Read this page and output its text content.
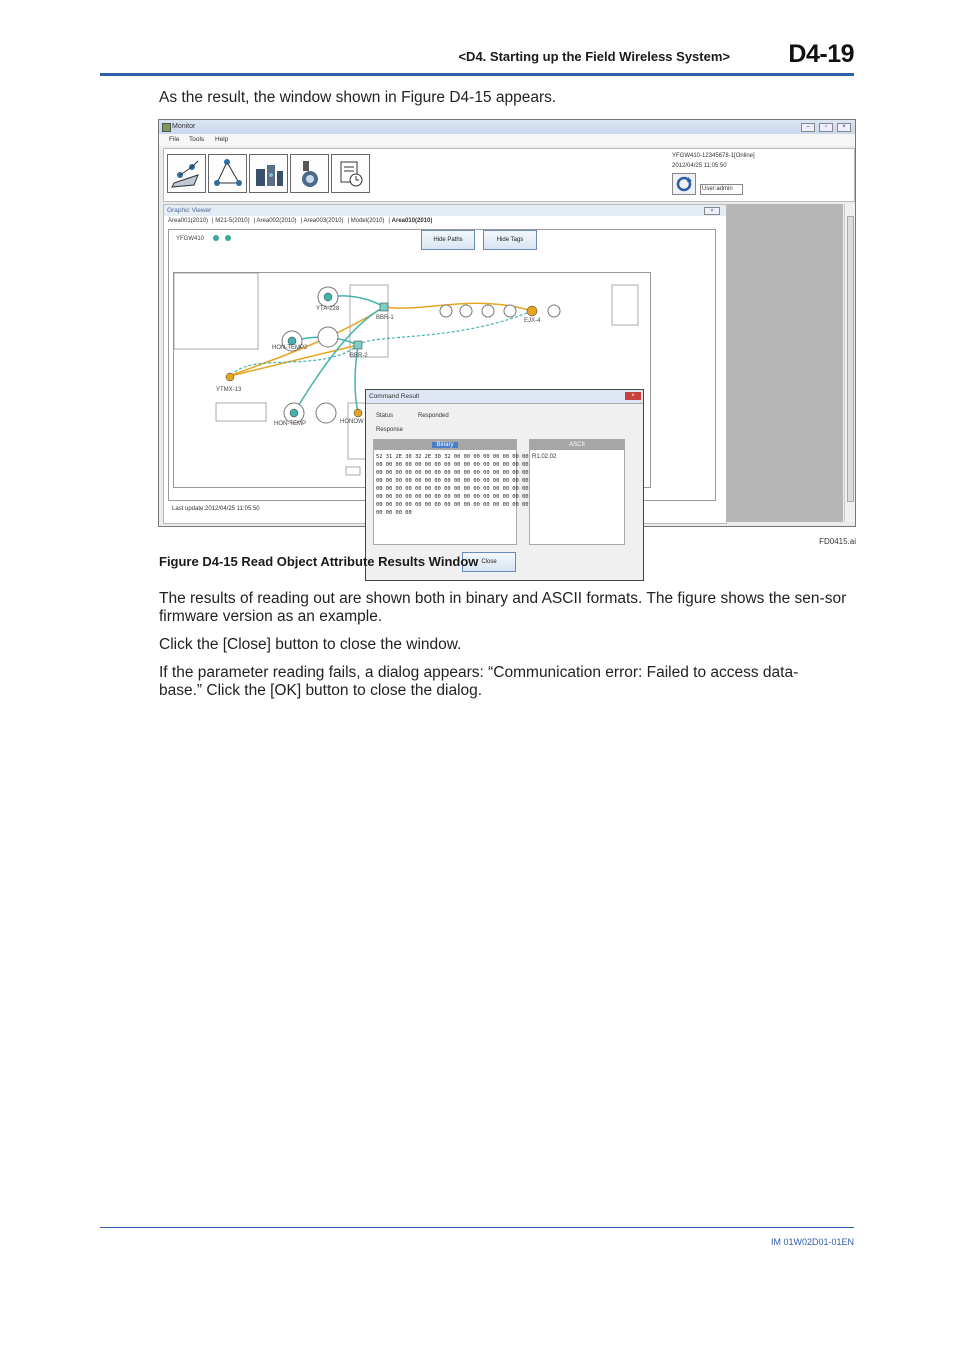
<D4. Starting up the Field Wireless System> D4-19
As the result, the window shown in Figure D4-15 appears.
Monitor	–	▫	×
File Tools Help
YFGW410-12345678-1[Online]
2012/04/25 11:05:50
User:admin
Graphic Viewer	×
Area001(2010) | M21-5(2010) | Area002(2010) | Area003(2010) | Model(2010) | Area010(2010)
YFGW410	Hide Paths	Hide Tags
YTA-228
BBR-1
HON-TEMP2
BBR-2
YTMX-13
HON-TEMP	HONOW
EJX-4
Last update:2012/04/25 11:05:50
Command Result	×
Status	Responded
Response
Binary
52 31 2E 30 32 2E 30 32 00 00 00 00 00 00 00 00
00 00 00 00 00 00 00 00 00 00 00 00 00 00 00 00
00 00 00 00 00 00 00 00 00 00 00 00 00 00 00 00
00 00 00 00 00 00 00 00 00 00 00 00 00 00 00 00
00 00 00 00 00 00 00 00 00 00 00 00 00 00 00 00
00 00 00 00 00 00 00 00 00 00 00 00 00 00 00 00
00 00 00 00 00 00 00 00 00 00 00 00 00 00 00 00
00 00 00 00
ASCII
R1.02.02
Close
FD0415.ai
Figure D4-15 Read Object Attribute Results Window
The results of reading out are shown both in binary and ASCII formats. The figure shows the sen-sor firmware version as an example.
Click the [Close] button to close the window.
If the parameter reading fails, a dialog appears: “Communication error: Failed to access data-base.” Click the [OK] button to close the dialog.
IM 01W02D01-01EN
